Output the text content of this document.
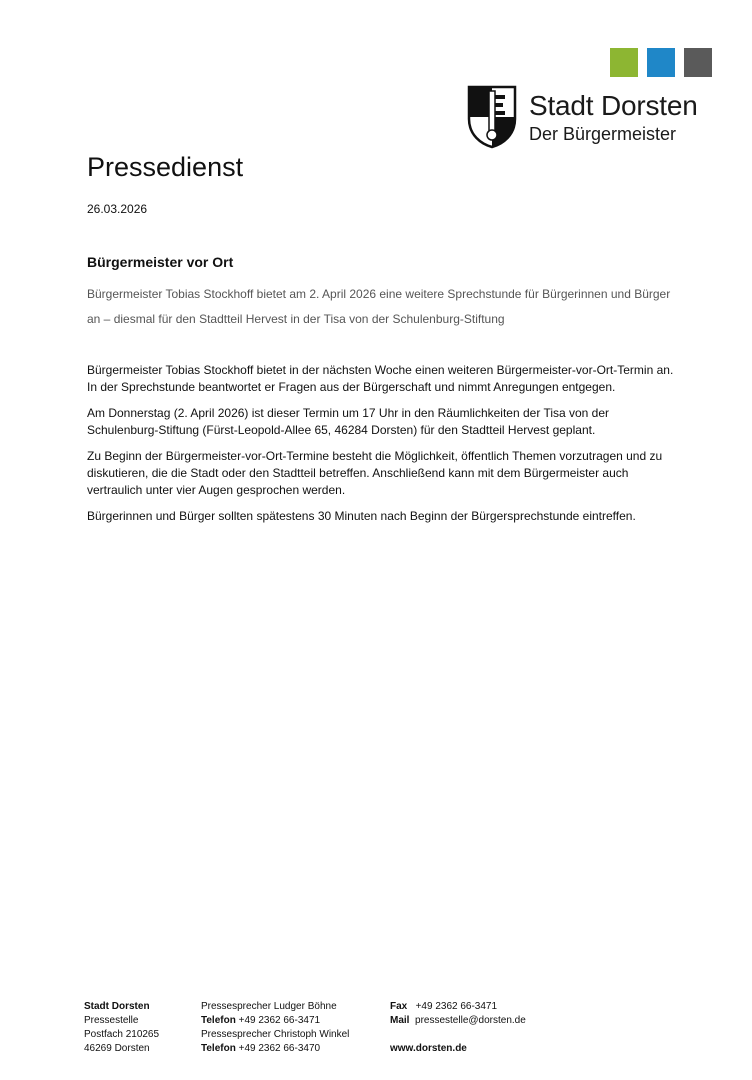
Stadt Dorsten
Der Bürgermeister
Pressedienst
26.03.2026
Bürgermeister vor Ort
Bürgermeister Tobias Stockhoff bietet am 2. April 2026 eine weitere Sprechstunde für Bürgerinnen und Bürger an – diesmal für den Stadtteil Hervest in der Tisa von der Schulenburg-Stiftung

Bürgermeister Tobias Stockhoff bietet in der nächsten Woche einen weiteren Bürgermeister-vor-Ort-Termin an. In der Sprechstunde beantwortet er Fragen aus der Bürgerschaft und nimmt Anregungen entgegen.

Am Donnerstag (2. April 2026) ist dieser Termin um 17 Uhr in den Räumlichkeiten der Tisa von der Schulenburg-Stiftung (Fürst-Leopold-Allee 65, 46284 Dorsten) für den Stadtteil Hervest geplant.

Zu Beginn der Bürgermeister-vor-Ort-Termine besteht die Möglichkeit, öffentlich Themen vorzutragen und zu diskutieren, die die Stadt oder den Stadtteil betreffen. Anschließend kann mit dem Bürgermeister auch vertraulich unter vier Augen gesprochen werden.

Bürgerinnen und Bürger sollten spätestens 30 Minuten nach Beginn der Bürgersprechstunde eintreffen.

Stadt Dorsten
Pressestelle
Postfach 210265
46269 Dorsten
Pressesprecher Ludger Böhne
Telefon +49 2362 66-3471
Pressesprecher Christoph Winkel
Telefon +49 2362 66-3470
Fax +49 2362 66-3471
Mail pressestelle@dorsten.de
www.dorsten.de
